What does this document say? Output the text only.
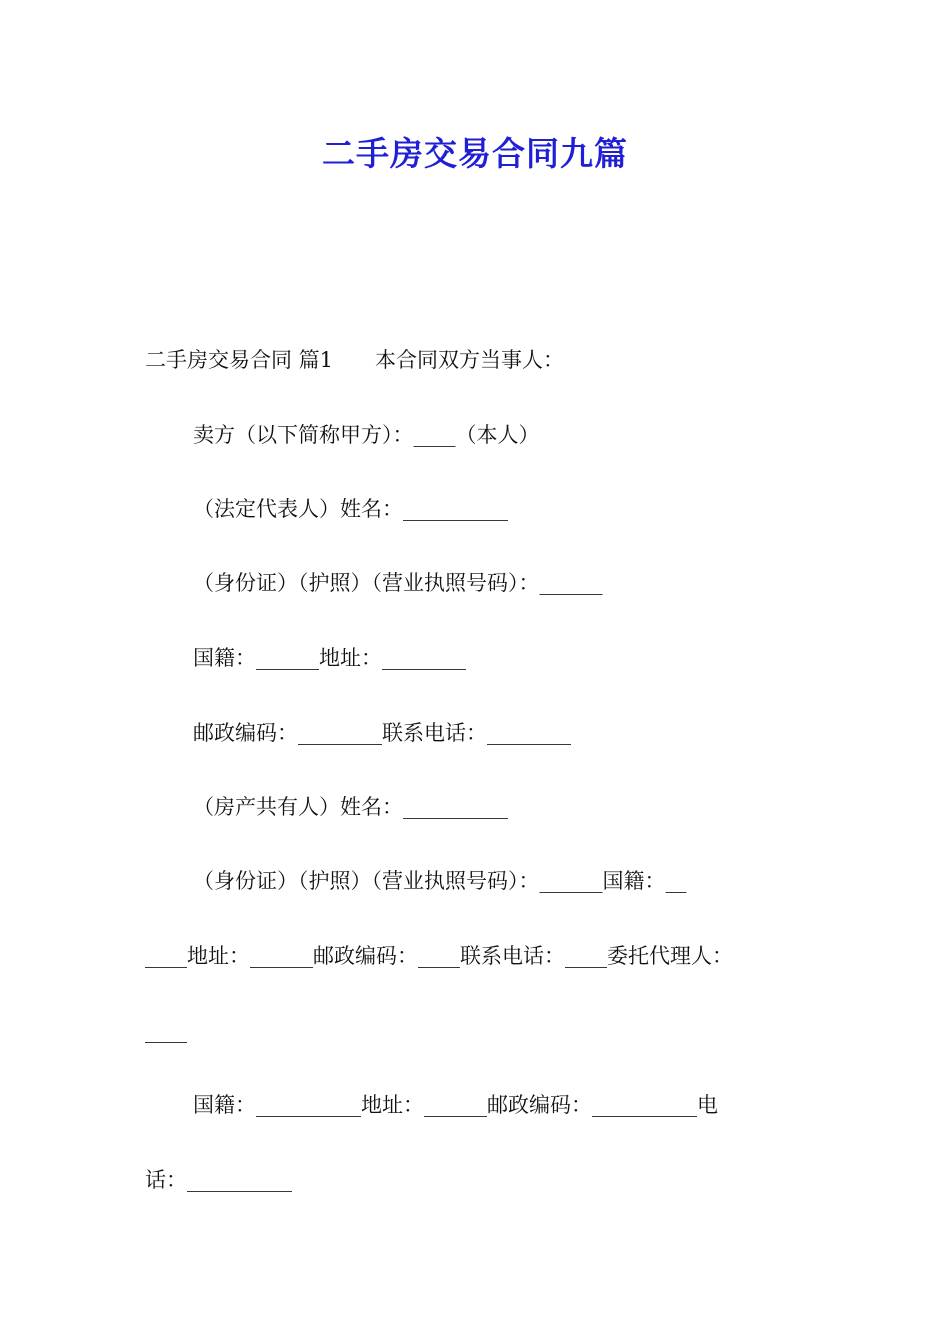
二手房交易合同九篇
二手房交易合同 篇1 本合同双方当事人：
卖方（以下简称甲方）：____（本人）
（法定代表人）姓名：__________
（身份证）（护照）（营业执照号码）：______
国籍：______地址：________
邮政编码：________联系电话：________
（房产共有人）姓名：__________
（身份证）（护照）（营业执照号码）：______国籍：__
____地址：______邮政编码：____联系电话：____委托代理人：
____
国籍：__________地址：______邮政编码：__________电
话：__________
